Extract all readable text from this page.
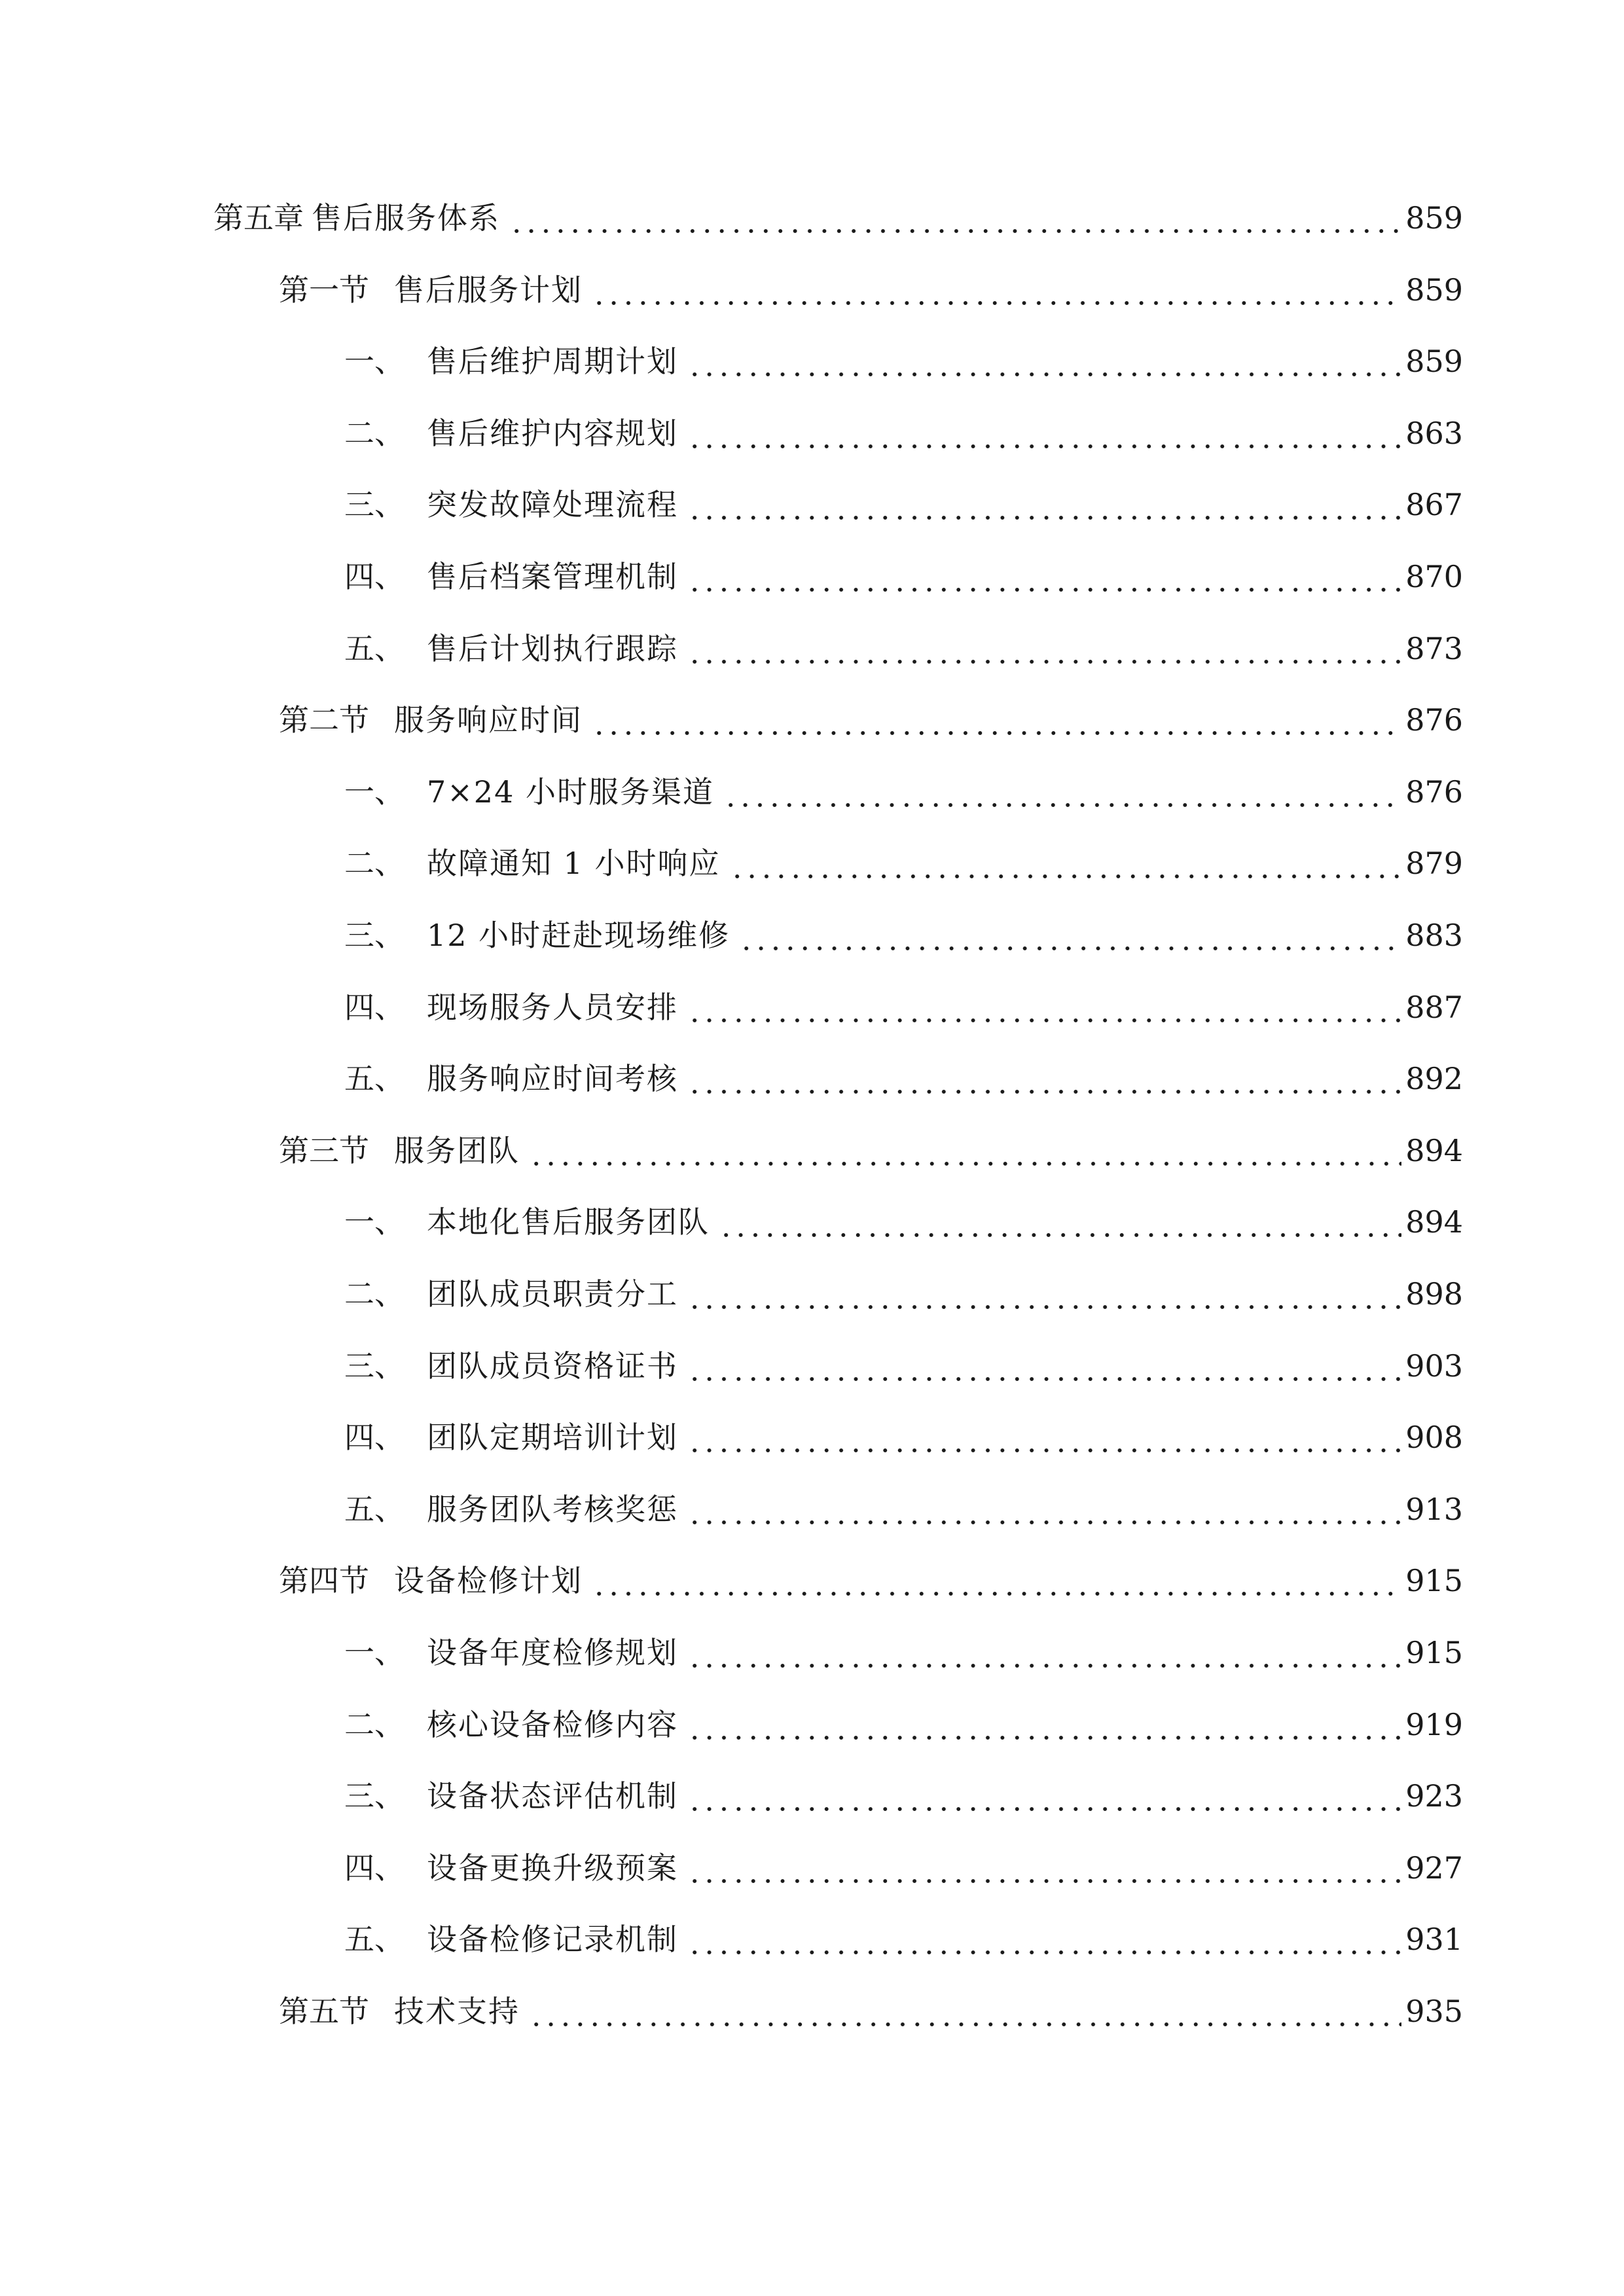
第五章 售后服务体系	859
第一节 售后服务计划	859
一、 售后维护周期计划	859
二、 售后维护内容规划	863
三、 突发故障处理流程	867
四、 售后档案管理机制	870
五、 售后计划执行跟踪	873
第二节 服务响应时间	876
一、 7×24 小时服务渠道	876
二、 故障通知 1 小时响应	879
三、 12 小时赶赴现场维修	883
四、 现场服务人员安排	887
五、 服务响应时间考核	892
第三节 服务团队	894
一、 本地化售后服务团队	894
二、 团队成员职责分工	898
三、 团队成员资格证书	903
四、 团队定期培训计划	908
五、 服务团队考核奖惩	913
第四节 设备检修计划	915
一、 设备年度检修规划	915
二、 核心设备检修内容	919
三、 设备状态评估机制	923
四、 设备更换升级预案	927
五、 设备检修记录机制	931
第五节 技术支持	935
